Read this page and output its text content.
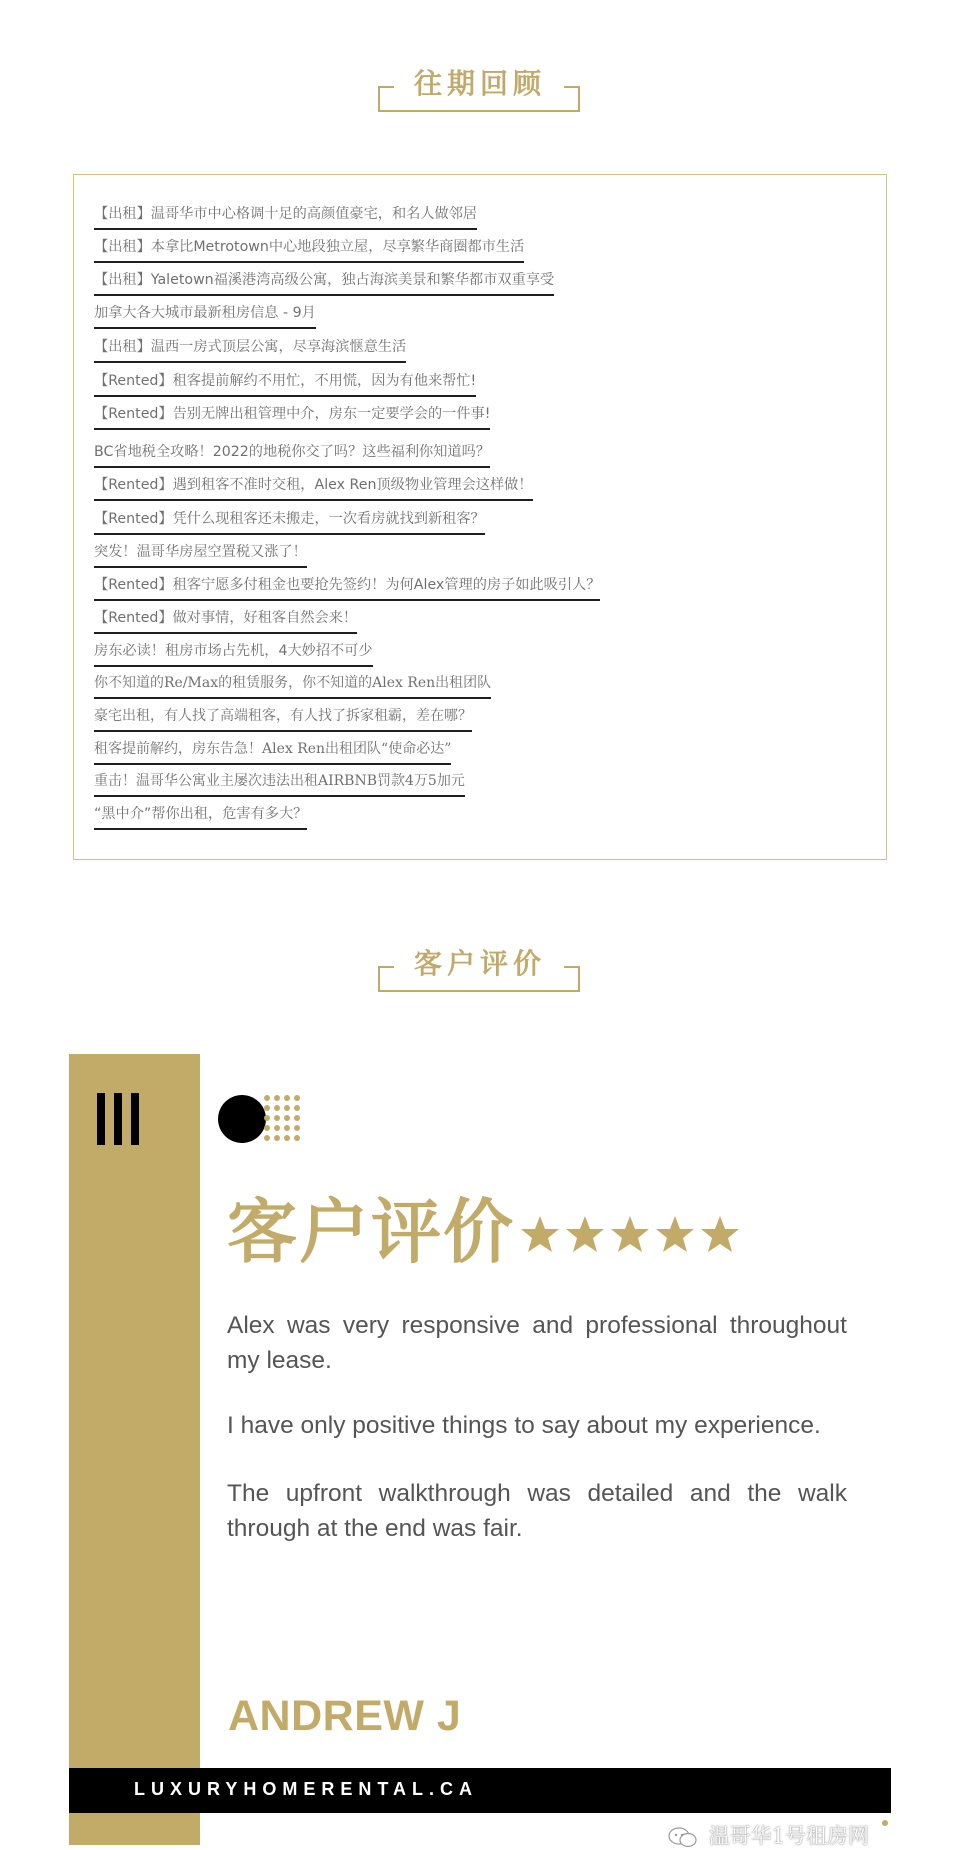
往期回顾
【出租】温哥华市中心格调十足的高颜值豪宅，和名人做邻居
【出租】本拿比Metrotown中心地段独立屋，尽享繁华商圈都市生活
【出租】Yaletown福溪港湾高级公寓，独占海滨美景和繁华都市双重享受
加拿大各大城市最新租房信息 - 9月
【出租】温西一房式顶层公寓，尽享海滨惬意生活
【Rented】租客提前解约不用忙，不用慌，因为有他来帮忙!
【Rented】告别无牌出租管理中介，房东一定要学会的一件事!
BC省地税全攻略！2022的地税你交了吗？这些福利你知道吗？
【Rented】遇到租客不准时交租，Alex Ren顶级物业管理会这样做！
【Rented】凭什么现租客还未搬走，一次看房就找到新租客？
突发！温哥华房屋空置税又涨了！
【Rented】租客宁愿多付租金也要抢先签约！为何Alex管理的房子如此吸引人？
【Rented】做对事情，好租客自然会来！
房东必读！租房市场占先机，4大妙招不可少
你不知道的Re/Max的租赁服务，你不知道的Alex Ren出租团队
豪宅出租，有人找了高端租客，有人找了拆家租霸，差在哪？
租客提前解约，房东告急！Alex Ren出租团队“使命必达”
重击！温哥华公寓业主屡次违法出租AIRBNB罚款4万5加元
“黑中介”帮你出租，危害有多大？
客户评价
客户评价
Alex was very responsive and professional throughout my lease.
I have only positive things to say about my experience.
The upfront walkthrough was detailed and the walk through at the end was fair.
ANDREW J
LUXURYHOMERENTAL.CA
温哥华1号租房网
